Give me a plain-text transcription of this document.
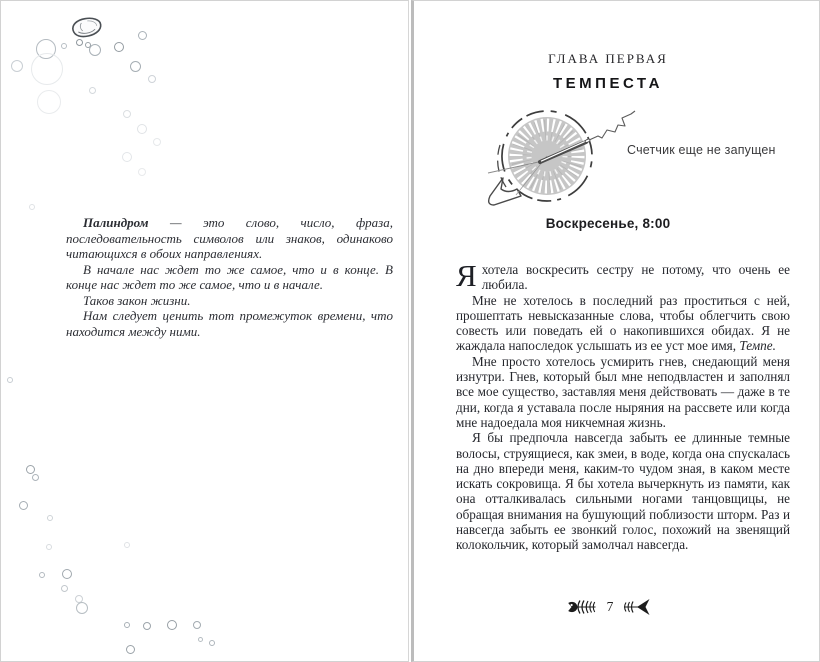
Палиндром — это слово, число, фраза, последовательность символов или знаков, одинаково читающихся в обоих направлениях.

В начале нас ждет то же самое, что и в конце. В конце нас ждет то же самое, что и в начале.

Таков закон жизни.

Нам следует ценить тот промежуток времени, что находится между ними.

ГЛАВА ПЕРВАЯ
ТЕМПЕСТА
Счетчик еще не запущен
Воскресенье, 8:00

Яхотела воскресить сестру не потому, что очень ее любила.

Мне не хотелось в последний раз проститься с ней, прошептать невысказанные слова, чтобы облегчить свою совесть или поведать ей о накопившихся обидах. Я не жаждала напоследок услышать из ее уст мое имя, Темпе.

Мне просто хотелось усмирить гнев, снедающий меня изнутри. Гнев, который был мне неподвластен и заполнял все мое существо, заставляя меня действовать — даже в те дни, когда я уставала после ныряния на рассвете или когда мне надоедала моя никчемная жизнь.

Я бы предпочла навсегда забыть ее длинные темные волосы, струящиеся, как змеи, в воде, когда она спускалась на дно впереди меня, каким-то чудом зная, в каком месте искать сокровища. Я бы хотела вычеркнуть из памяти, как она отталкивалась сильными ногами танцовщицы, не обращая внимания на бушующий поблизости шторм. Раз и навсегда забыть ее звонкий голос, похожий на звенящий колокольчик, который замолчал навсегда.

7
